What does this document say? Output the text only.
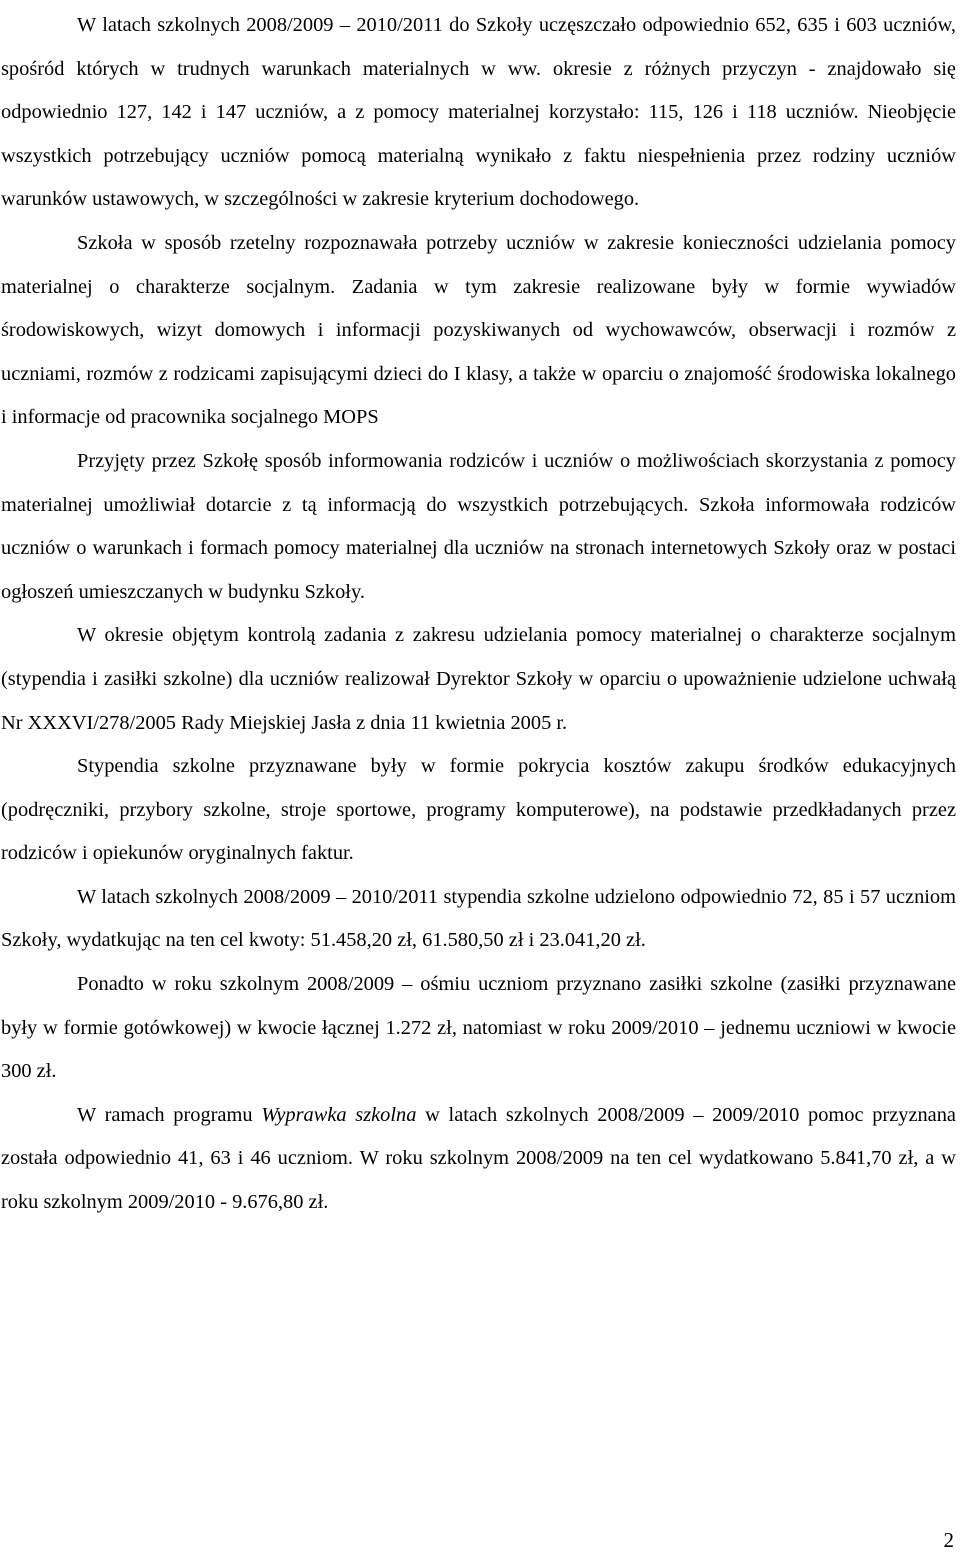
W latach szkolnych 2008/2009 – 2010/2011 do Szkoły uczęszczało odpowiednio 652, 635 i 603 uczniów, spośród których w trudnych warunkach materialnych w ww. okresie z różnych przyczyn - znajdowało się odpowiednio 127, 142 i 147 uczniów, a z pomocy materialnej korzystało: 115, 126 i 118 uczniów. Nieobjęcie wszystkich potrzebujący uczniów pomocą materialną wynikało z faktu niespełnienia przez rodziny uczniów warunków ustawowych, w szczególności w zakresie kryterium dochodowego.

Szkoła w sposób rzetelny rozpoznawała potrzeby uczniów w zakresie konieczności udzielania pomocy materialnej o charakterze socjalnym. Zadania w tym zakresie realizowane były w formie wywiadów środowiskowych, wizyt domowych i informacji pozyskiwanych od wychowawców, obserwacji i rozmów z uczniami, rozmów z rodzicami zapisującymi dzieci do I klasy, a także w oparciu o znajomość środowiska lokalnego i informacje od pracownika socjalnego MOPS

Przyjęty przez Szkołę sposób informowania rodziców i uczniów o możliwościach skorzystania z pomocy materialnej umożliwiał dotarcie z tą informacją do wszystkich potrzebujących. Szkoła informowała rodziców uczniów o warunkach i formach pomocy materialnej dla uczniów na stronach internetowych Szkoły oraz w postaci ogłoszeń umieszczanych w budynku Szkoły.

W okresie objętym kontrolą zadania z zakresu udzielania pomocy materialnej o charakterze socjalnym (stypendia i zasiłki szkolne) dla uczniów realizował Dyrektor Szkoły w oparciu o upoważnienie udzielone uchwałą Nr XXXVI/278/2005 Rady Miejskiej Jasła z dnia 11 kwietnia 2005 r.

Stypendia szkolne przyznawane były w formie pokrycia kosztów zakupu środków edukacyjnych (podręczniki, przybory szkolne, stroje sportowe, programy komputerowe), na podstawie przedkładanych przez rodziców i opiekunów oryginalnych faktur.

W latach szkolnych 2008/2009 – 2010/2011 stypendia szkolne udzielono odpowiednio 72, 85 i 57 uczniom Szkoły, wydatkując na ten cel kwoty: 51.458,20 zł, 61.580,50 zł i 23.041,20 zł.

Ponadto w roku szkolnym 2008/2009 – ośmiu uczniom przyznano zasiłki szkolne (zasiłki przyznawane były w formie gotówkowej) w kwocie łącznej 1.272 zł, natomiast w roku 2009/2010 – jednemu uczniowi w kwocie 300 zł.

W ramach programu Wyprawka szkolna w latach szkolnych 2008/2009 – 2009/2010 pomoc przyznana została odpowiednio 41, 63 i 46 uczniom. W roku szkolnym 2008/2009 na ten cel wydatkowano 5.841,70 zł, a w roku szkolnym 2009/2010 - 9.676,80 zł.

2
